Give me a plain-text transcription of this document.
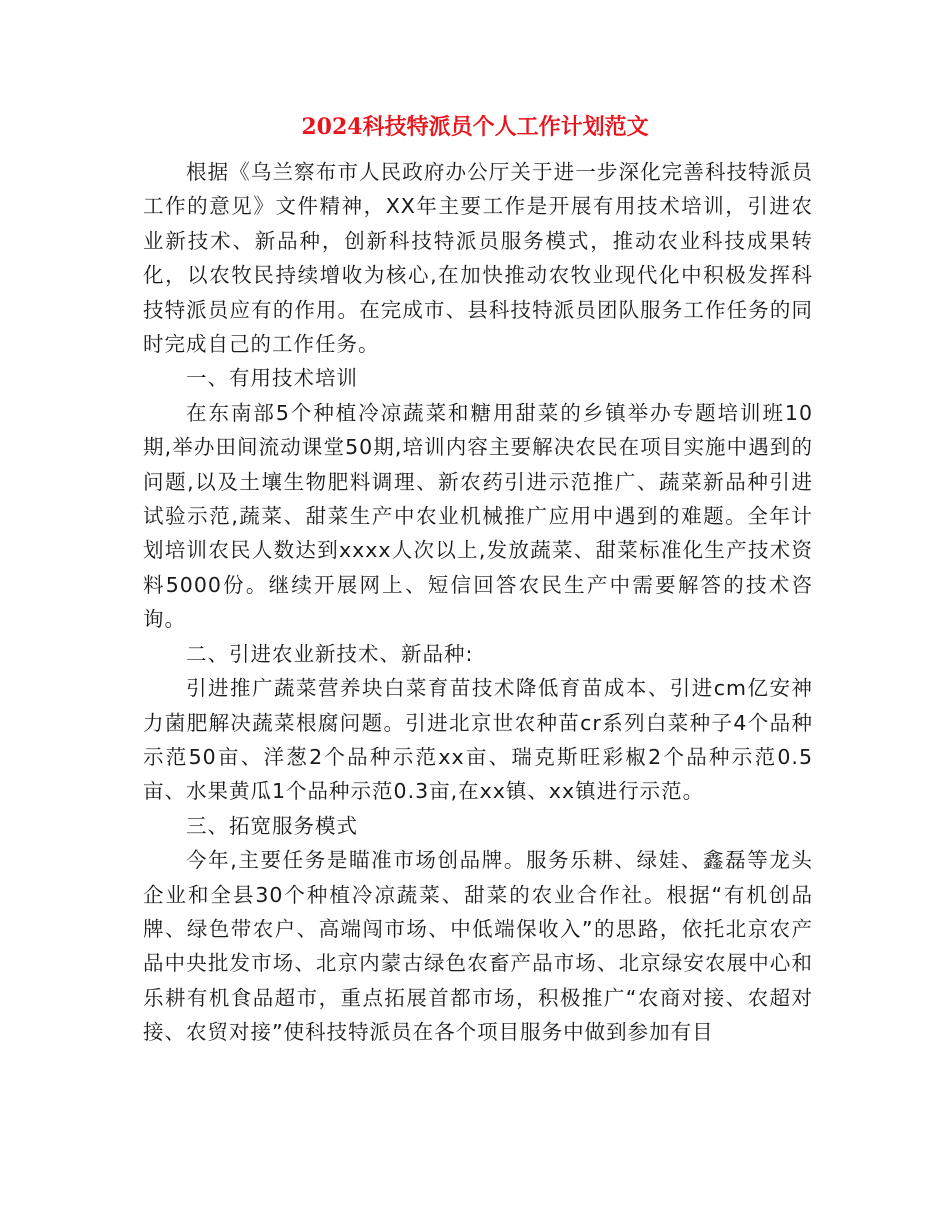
2024科技特派员个人工作计划范文

根据《乌兰察布市人民政府办公厅关于进一步深化完善科技特派员工作的意见》文件精神，XX年主要工作是开展有用技术培训，引进农业新技术、新品种，创新科技特派员服务模式，推动农业科技成果转化，以农牧民持续增收为核心,在加快推动农牧业现代化中积极发挥科技特派员应有的作用。在完成市、县科技特派员团队服务工作任务的同时完成自己的工作任务。

一、有用技术培训

在东南部5个种植冷凉蔬菜和糖用甜菜的乡镇举办专题培训班10期,举办田间流动课堂50期,培训内容主要解决农民在项目实施中遇到的问题,以及土壤生物肥料调理、新农药引进示范推广、蔬菜新品种引进试验示范,蔬菜、甜菜生产中农业机械推广应用中遇到的难题。全年计划培训农民人数达到xxxx人次以上,发放蔬菜、甜菜标准化生产技术资料5000份。继续开展网上、短信回答农民生产中需要解答的技术咨询。

二、引进农业新技术、新品种:

引进推广蔬菜营养块白菜育苗技术降低育苗成本、引进cm亿安神力菌肥解决蔬菜根腐问题。引进北京世农种苗cr系列白菜种子4个品种示范50亩、洋葱2个品种示范xx亩、瑞克斯旺彩椒2个品种示范0.5亩、水果黄瓜1个品种示范0.3亩,在xx镇、xx镇进行示范。

三、拓宽服务模式

今年,主要任务是瞄准市场创品牌。服务乐耕、绿娃、鑫磊等龙头企业和全县30个种植冷凉蔬菜、甜菜的农业合作社。根据“有机创品牌、绿色带农户、高端闯市场、中低端保收入”的思路，依托北京农产品中央批发市场、北京内蒙古绿色农畜产品市场、北京绿安农展中心和乐耕有机食品超市，重点拓展首都市场，积极推广“农商对接、农超对接、农贸对接”使科技特派员在各个项目服务中做到参加有目
